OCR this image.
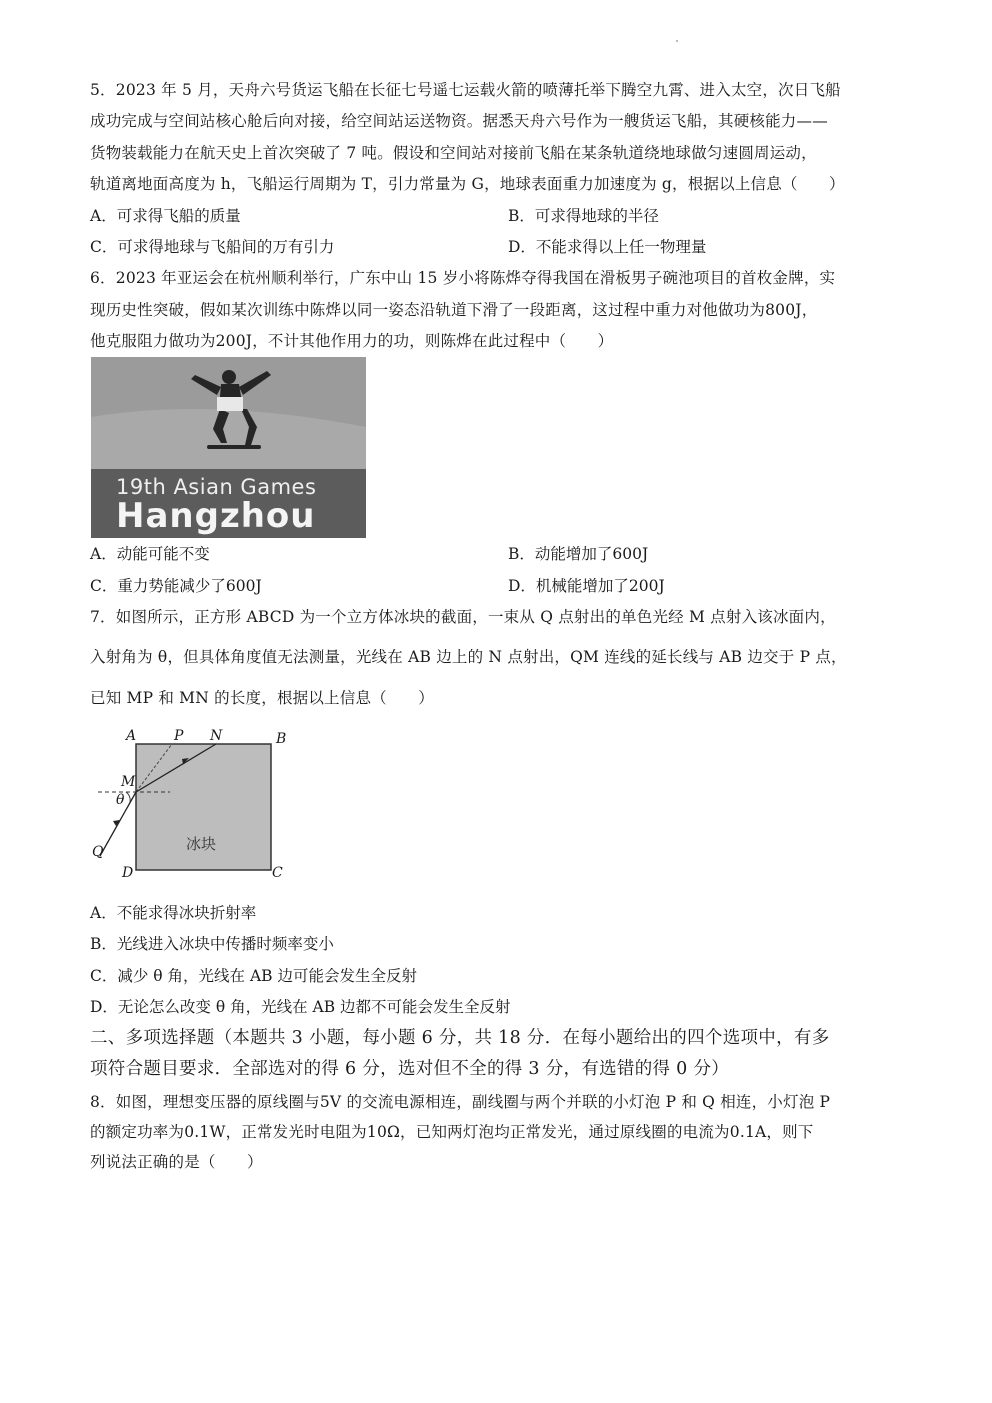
5．2023 年 5 月，天舟六号货运飞船在长征七号遥七运载火箭的喷薄托举下腾空九霄、进入太空，次日飞船
成功完成与空间站核心舱后向对接，给空间站运送物资。据悉天舟六号作为一艘货运飞船，其硬核能力——
货物装载能力在航天史上首次突破了 7 吨。假设和空间站对接前飞船在某条轨道绕地球做匀速圆周运动，
轨道离地面高度为 h，飞船运行周期为 T，引力常量为 G，地球表面重力加速度为 g，根据以上信息（　　）
A．可求得飞船的质量	B．可求得地球的半径
C．可求得地球与飞船间的万有引力	D．不能求得以上任一物理量
6．2023 年亚运会在杭州顺利举行，广东中山 15 岁小将陈烨夺得我国在滑板男子碗池项目的首枚金牌，实
现历史性突破，假如某次训练中陈烨以同一姿态沿轨道下滑了一段距离，这过程中重力对他做功为800J，
他克服阻力做功为200J，不计其他作用力的功，则陈烨在此过程中（　　）
19th Asian Games
Hangzhou
A．动能可能不变	B．动能增加了600J
C．重力势能减少了600J	D．机械能增加了200J
7．如图所示，正方形 ABCD 为一个立方体冰块的截面，一束从 Q 点射出的单色光经 M 点射入该冰面内，
入射角为 θ，但具体角度值无法测量，光线在 AB 边上的 N 点射出，QM 连线的延长线与 AB 边交于 P 点，
已知 MP 和 MN 的长度，根据以上信息（　　）
A	P N	B
M
θ
冰块
Q
D	C
A．不能求得冰块折射率
B．光线进入冰块中传播时频率变小
C．减少 θ 角，光线在 AB 边可能会发生全反射
D．无论怎么改变 θ 角，光线在 AB 边都不可能会发生全反射
二、多项选择题（本题共 3 小题，每小题 6 分，共 18 分．在每小题给出的四个选项中，有多
项符合题目要求．全部选对的得 6 分，选对但不全的得 3 分，有选错的得 0 分）
8．如图，理想变压器的原线圈与5V 的交流电源相连，副线圈与两个并联的小灯泡 P 和 Q 相连，小灯泡 P
的额定功率为0.1W，正常发光时电阻为10Ω，已知两灯泡均正常发光，通过原线圈的电流为0.1A，则下
列说法正确的是（　　）
